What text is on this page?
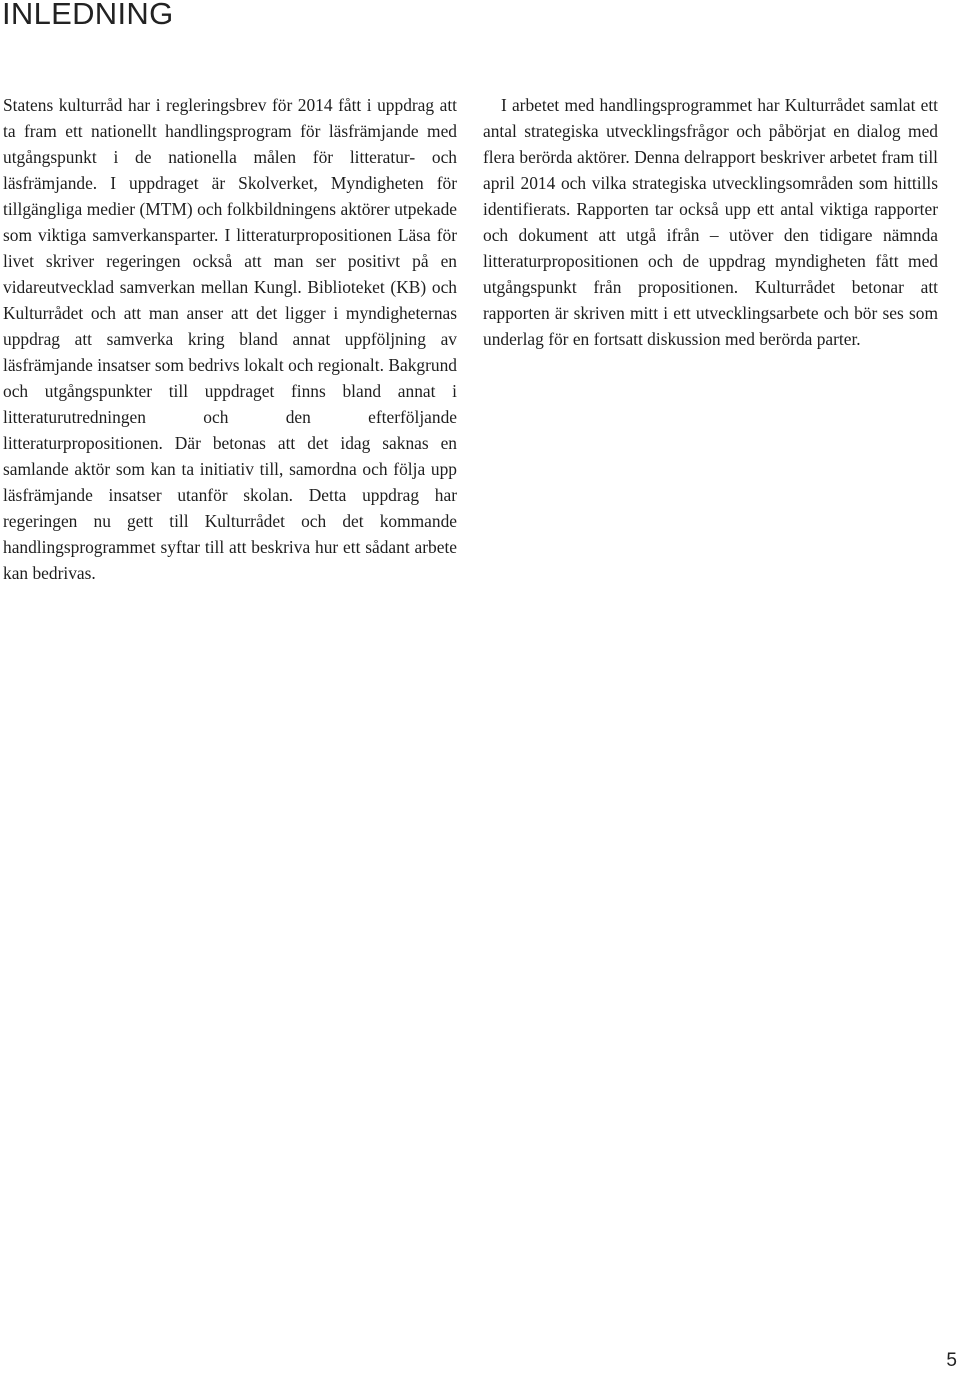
INLEDNING

Statens kulturråd har i regleringsbrev för 2014 fått i uppdrag att ta fram ett nationellt handlingsprogram för läsfrämjande med utgångspunkt i de nationella målen för litteratur- och läsfrämjande. I uppdraget är Skolverket, Myndigheten för tillgängliga medier (MTM) och folkbildningens aktörer utpekade som viktiga samverkansparter. I litteraturpropositionen Läsa för livet skriver regeringen också att man ser positivt på en vidareutvecklad samverkan mellan Kungl. Biblioteket (KB) och Kulturrådet och att man anser att det ligger i myndigheternas uppdrag att samverka kring bland annat uppföljning av läsfrämjande insatser som bedrivs lokalt och regionalt. Bakgrund och utgångspunkter till uppdraget finns bland annat i litteraturutredningen och den efterföljande litteraturpropositionen. Där betonas att det idag saknas en samlande aktör som kan ta initiativ till, samordna och följa upp läsfrämjande insatser utanför skolan. Detta uppdrag har regeringen nu gett till Kulturrådet och det kommande handlingsprogrammet syftar till att beskriva hur ett sådant arbete kan bedrivas.

I arbetet med handlingsprogrammet har Kulturrådet samlat ett antal strategiska utvecklingsfrågor och påbörjat en dialog med flera berörda aktörer. Denna delrapport beskriver arbetet fram till april 2014 och vilka strategiska utvecklingsområden som hittills identifierats. Rapporten tar också upp ett antal viktiga rapporter och dokument att utgå ifrån – utöver den tidigare nämnda litteraturpropositionen och de uppdrag myndigheten fått med utgångspunkt från propositionen. Kulturrådet betonar att rapporten är skriven mitt i ett utvecklingsarbete och bör ses som underlag för en fortsatt diskussion med berörda parter.

5
